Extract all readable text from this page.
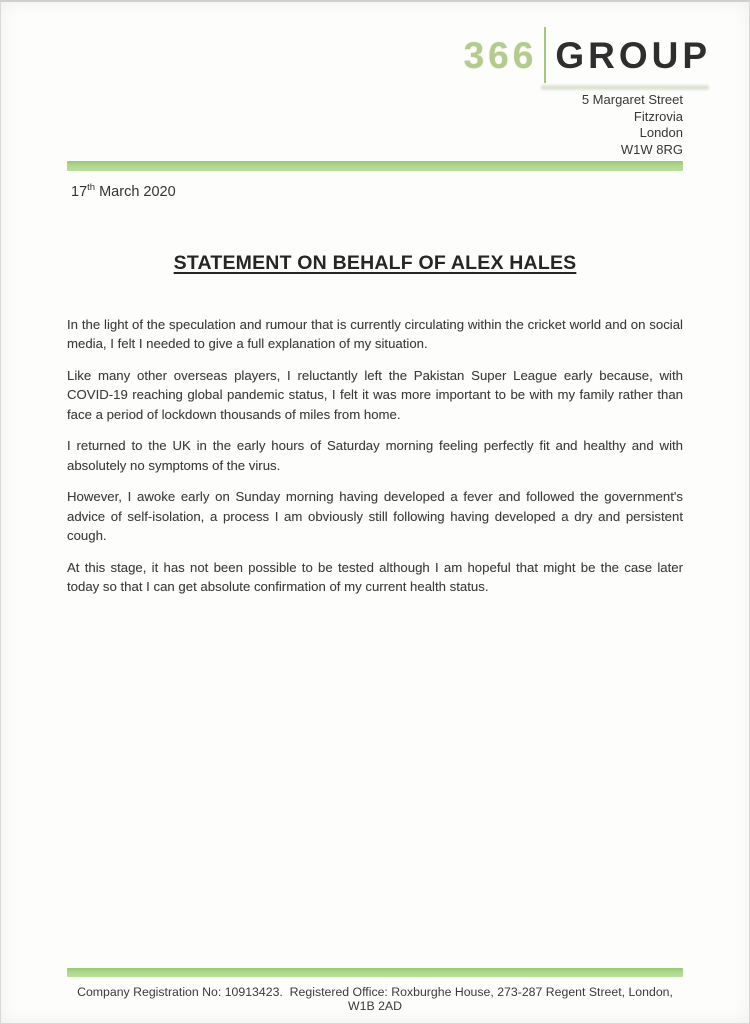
366 GROUP
5 Margaret Street
Fitzrovia
London
W1W 8RG
17th March 2020
STATEMENT ON BEHALF OF ALEX HALES

In the light of the speculation and rumour that is currently circulating within the cricket world and on social media, I felt I needed to give a full explanation of my situation.

Like many other overseas players, I reluctantly left the Pakistan Super League early because, with COVID-19 reaching global pandemic status, I felt it was more important to be with my family rather than face a period of lockdown thousands of miles from home.

I returned to the UK in the early hours of Saturday morning feeling perfectly fit and healthy and with absolutely no symptoms of the virus.

However, I awoke early on Sunday morning having developed a fever and followed the government's advice of self-isolation, a process I am obviously still following having developed a dry and persistent cough.

At this stage, it has not been possible to be tested although I am hopeful that might be the case later today so that I can get absolute confirmation of my current health status.

Company Registration No: 10913423.  Registered Office: Roxburghe House, 273-287 Regent Street, London, W1B 2AD
